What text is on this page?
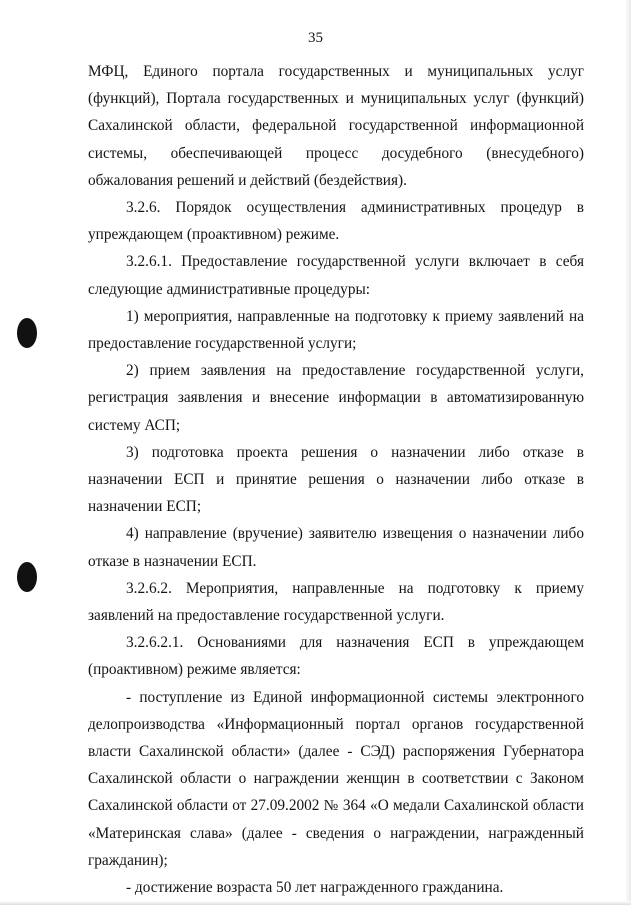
35

МФЦ, Единого портала государственных и муниципальных услуг (функций), Портала государственных и муниципальных услуг (функций) Сахалинской области, федеральной государственной информационной системы, обеспечивающей процесс досудебного (внесудебного) обжалования решений и действий (бездействия).

3.2.6. Порядок осуществления административных процедур в упреждающем (проактивном) режиме.

3.2.6.1. Предоставление государственной услуги включает в себя следующие административные процедуры:

1) мероприятия, направленные на подготовку к приему заявлений на предоставление государственной услуги;

2) прием заявления на предоставление государственной услуги, регистрация заявления и внесение информации в автоматизированную систему АСП;

3) подготовка проекта решения о назначении либо отказе в назначении ЕСП и принятие решения о назначении либо отказе в назначении ЕСП;

4) направление (вручение) заявителю извещения о назначении либо отказе в назначении ЕСП.

3.2.6.2. Мероприятия, направленные на подготовку к приему заявлений на предоставление государственной услуги.

3.2.6.2.1. Основаниями для назначения ЕСП в упреждающем (проактивном) режиме является:

- поступление из Единой информационной системы электронного делопроизводства «Информационный портал органов государственной власти Сахалинской области» (далее - СЭД) распоряжения Губернатора Сахалинской области о награждении женщин в соответствии с Законом Сахалинской области от 27.09.2002 № 364 «О медали Сахалинской области «Материнская слава» (далее - сведения о награждении, награжденный гражданин);

- достижение возраста 50 лет награжденного гражданина.
